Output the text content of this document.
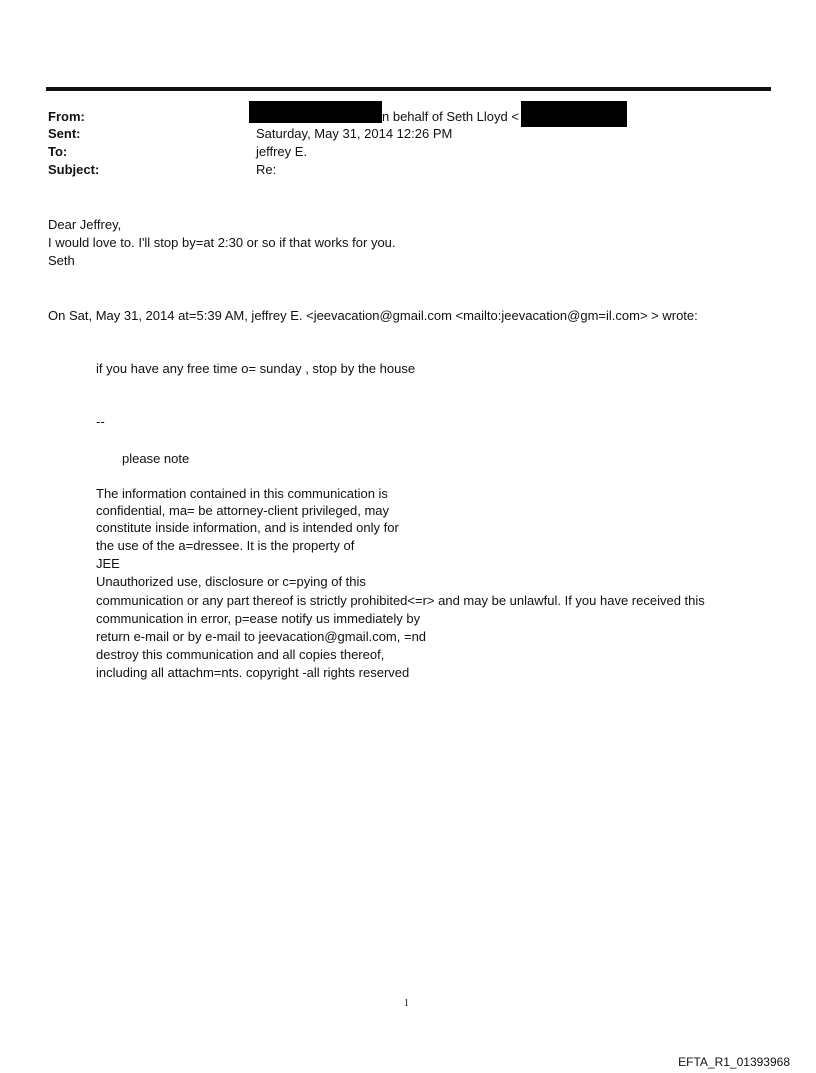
From:	n behalf of Seth Lloyd <
Sent:	Saturday, May 31, 2014 12:26 PM
To:	jeffrey E.
Subject:	Re:
Dear Jeffrey,
I would love to. I'll stop by=at 2:30 or so if that works for you.
Seth
On Sat, May 31, 2014 at=5:39 AM, jeffrey E. <jeevacation@gmail.com <mailto:jeevacation@gm=il.com> > wrote:
if you have any free time o= sunday , stop by the house
--
please note
The information contained in this communication is
confidential, ma= be attorney-client privileged, may
constitute inside information, and is intended only for
the use of the a=dressee. It is the property of
JEE
Unauthorized use, disclosure or c=pying of this
communication or any part thereof is strictly prohibited<=r> and may be unlawful. If you have received this
communication in error, p=ease notify us immediately by
return e-mail or by e-mail to jeevacation@gmail.com, =nd
destroy this communication and all copies thereof,
including all attachm=nts. copyright -all rights reserved
1
EFTA_R1_01393968
